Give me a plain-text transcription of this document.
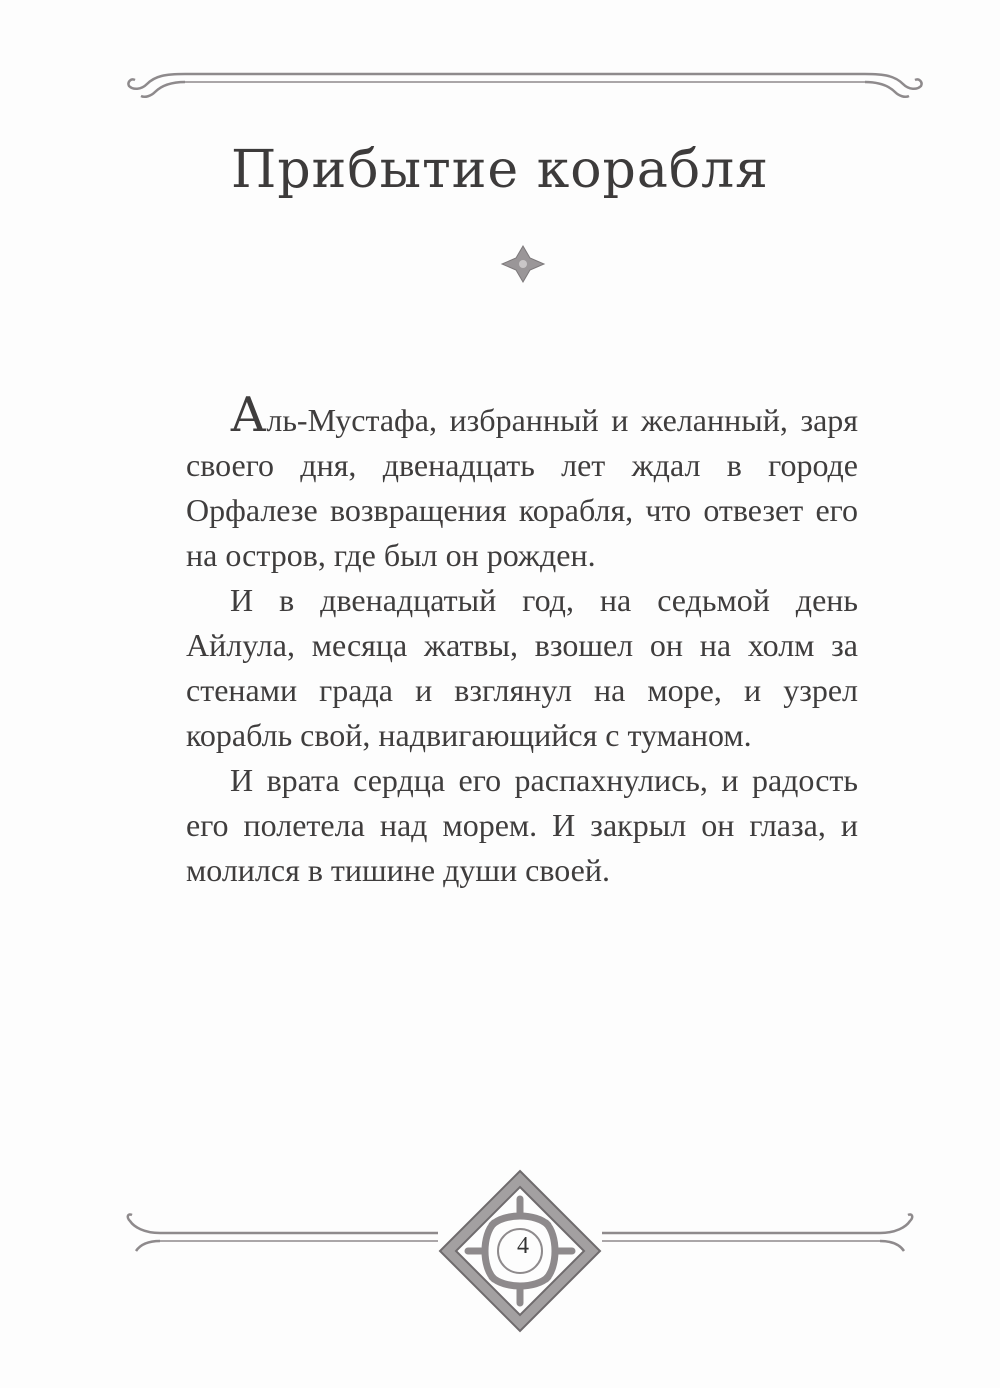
Прибытие корабля

Аль-Мустафа, избранный и желанный, заря своего дня, двенадцать лет ждал в городе Орфалезе возвращения корабля, что отвезет его на остров, где был он рожден.

И в двенадцатый год, на седьмой день Айлула, месяца жатвы, взошел он на холм за стенами града и взглянул на море, и узрел корабль свой, надвигающийся с туманом.

И врата сердца его распахнулись, и радость его полетела над морем. И закрыл он глаза, и молился в тишине души своей.

4
